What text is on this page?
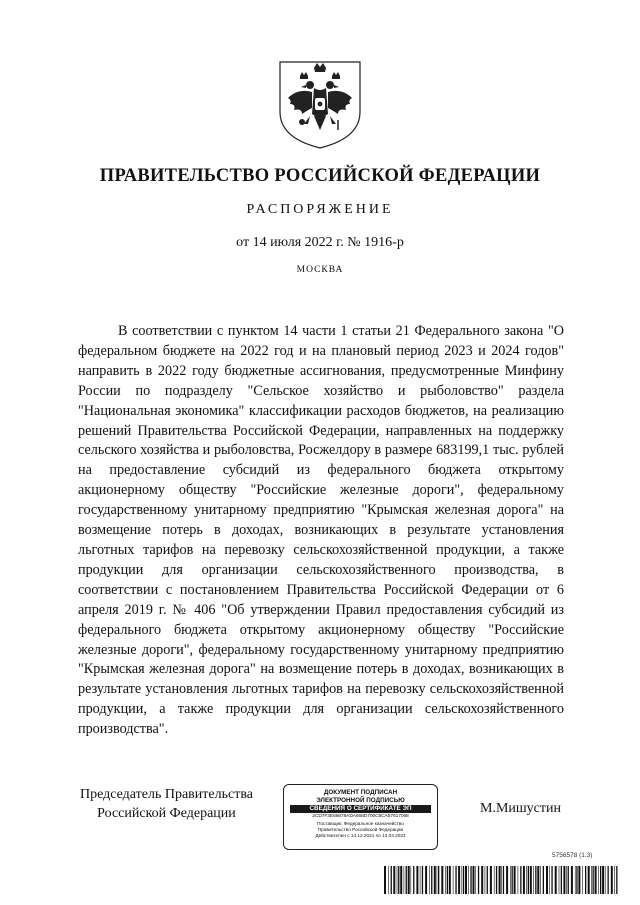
ПРАВИТЕЛЬСТВО РОССИЙСКОЙ ФЕДЕРАЦИИ
РАСПОРЯЖЕНИЕ
от 14 июля 2022 г. № 1916-р
МОСКВА

В соответствии с пунктом 14 части 1 статьи 21 Федерального закона "О федеральном бюджете на 2022 год и на плановый период 2023 и 2024 годов" направить в 2022 году бюджетные ассигнования, предусмотренные Минфину России по подразделу "Сельское хозяйство и рыболовство" раздела "Национальная экономика" классификации расходов бюджетов, на реализацию решений Правительства Российской Федерации, направленных на поддержку сельского хозяйства и рыболовства, Росжелдору в размере 683199,1 тыс. рублей на предоставление субсидий из федерального бюджета открытому акционерному обществу "Российские железные дороги", федеральному государственному унитарному предприятию "Крымская железная дорога" на возмещение потерь в доходах, возникающих в результате установления льготных тарифов на перевозку сельскохозяйственной продукции, а также продукции для организации сельскохозяйственного производства, в соответствии с постановлением Правительства Российской Федерации от 6 апреля 2019 г. № 406 "Об утверждении Правил предоставления субсидий из федерального бюджета открытому акционерному обществу "Российские железные дороги", федеральному государственному унитарному предприятию "Крымская железная дорога" на возмещение потерь в доходах, возникающих в результате установления льготных тарифов на перевозку сельскохозяйственной продукции, а также продукции для организации сельскохозяйственного производства".

Председатель Правительства
Российской Федерации
ДОКУМЕНТ ПОДПИСАН
ЭЛЕКТРОННОЙ ПОДПИСЬЮ
СВЕДЕНИЯ О СЕРТИФИКАТЕ ЭП
2CD7F3E66878ADA668D700C6CA57617068
Поставщик: Федеральное казначейство
Правительство Российской Федерации
Действителен с 13.12.2021 по 13.03.2023
М.Мишустин
5756578 (1.3)
